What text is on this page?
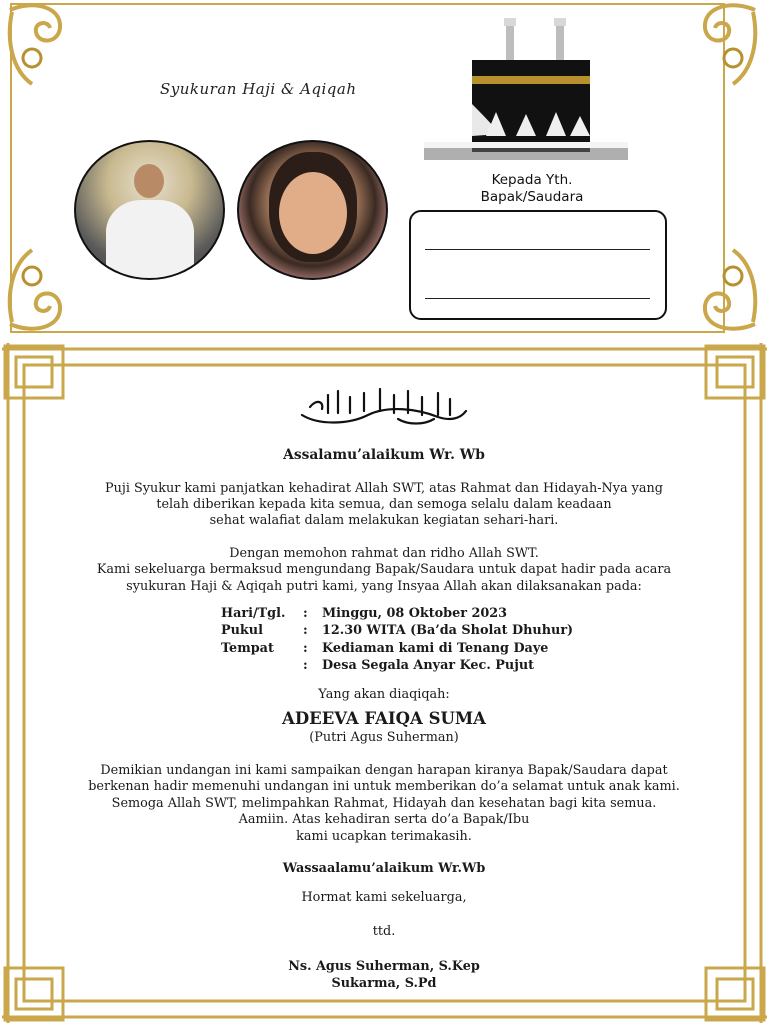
Syukuran Haji & Aqiqah
Kepada Yth.
Bapak/Saudara
Assalamu’alaikum Wr. Wb
Puji Syukur kami panjatkan kehadirat Allah SWT, atas Rahmat dan Hidayah-Nya yang
telah diberikan kepada kita semua, dan semoga selalu dalam keadaan
sehat walafiat dalam melakukan kegiatan sehari-hari.
Dengan memohon rahmat dan ridho Allah SWT.
Kami sekeluarga bermaksud mengundang Bapak/Saudara untuk dapat hadir pada acara
syukuran Haji & Aqiqah putri kami, yang Insyaa Allah akan dilaksanakan pada:
Hari/Tgl. : Minggu, 08 Oktober 2023
Pukul	: 12.30 WITA (Ba’da Sholat Dhuhur)
Tempat : Kediaman kami di Tenang Daye
: Desa Segala Anyar Kec. Pujut
Yang akan diaqiqah:
ADEEVA FAIQA SUMA
(Putri Agus Suherman)
Demikian undangan ini kami sampaikan dengan harapan kiranya Bapak/Saudara dapat
berkenan hadir memenuhi undangan ini untuk memberikan do’a selamat untuk anak kami.
Semoga Allah SWT, melimpahkan Rahmat, Hidayah dan kesehatan bagi kita semua.
Aamiin. Atas kehadiran serta do’a Bapak/Ibu
kami ucapkan terimakasih.
Wassaalamu’alaikum Wr.Wb
Hormat kami sekeluarga,
ttd.
Ns. Agus Suherman, S.Kep
Sukarma, S.Pd
